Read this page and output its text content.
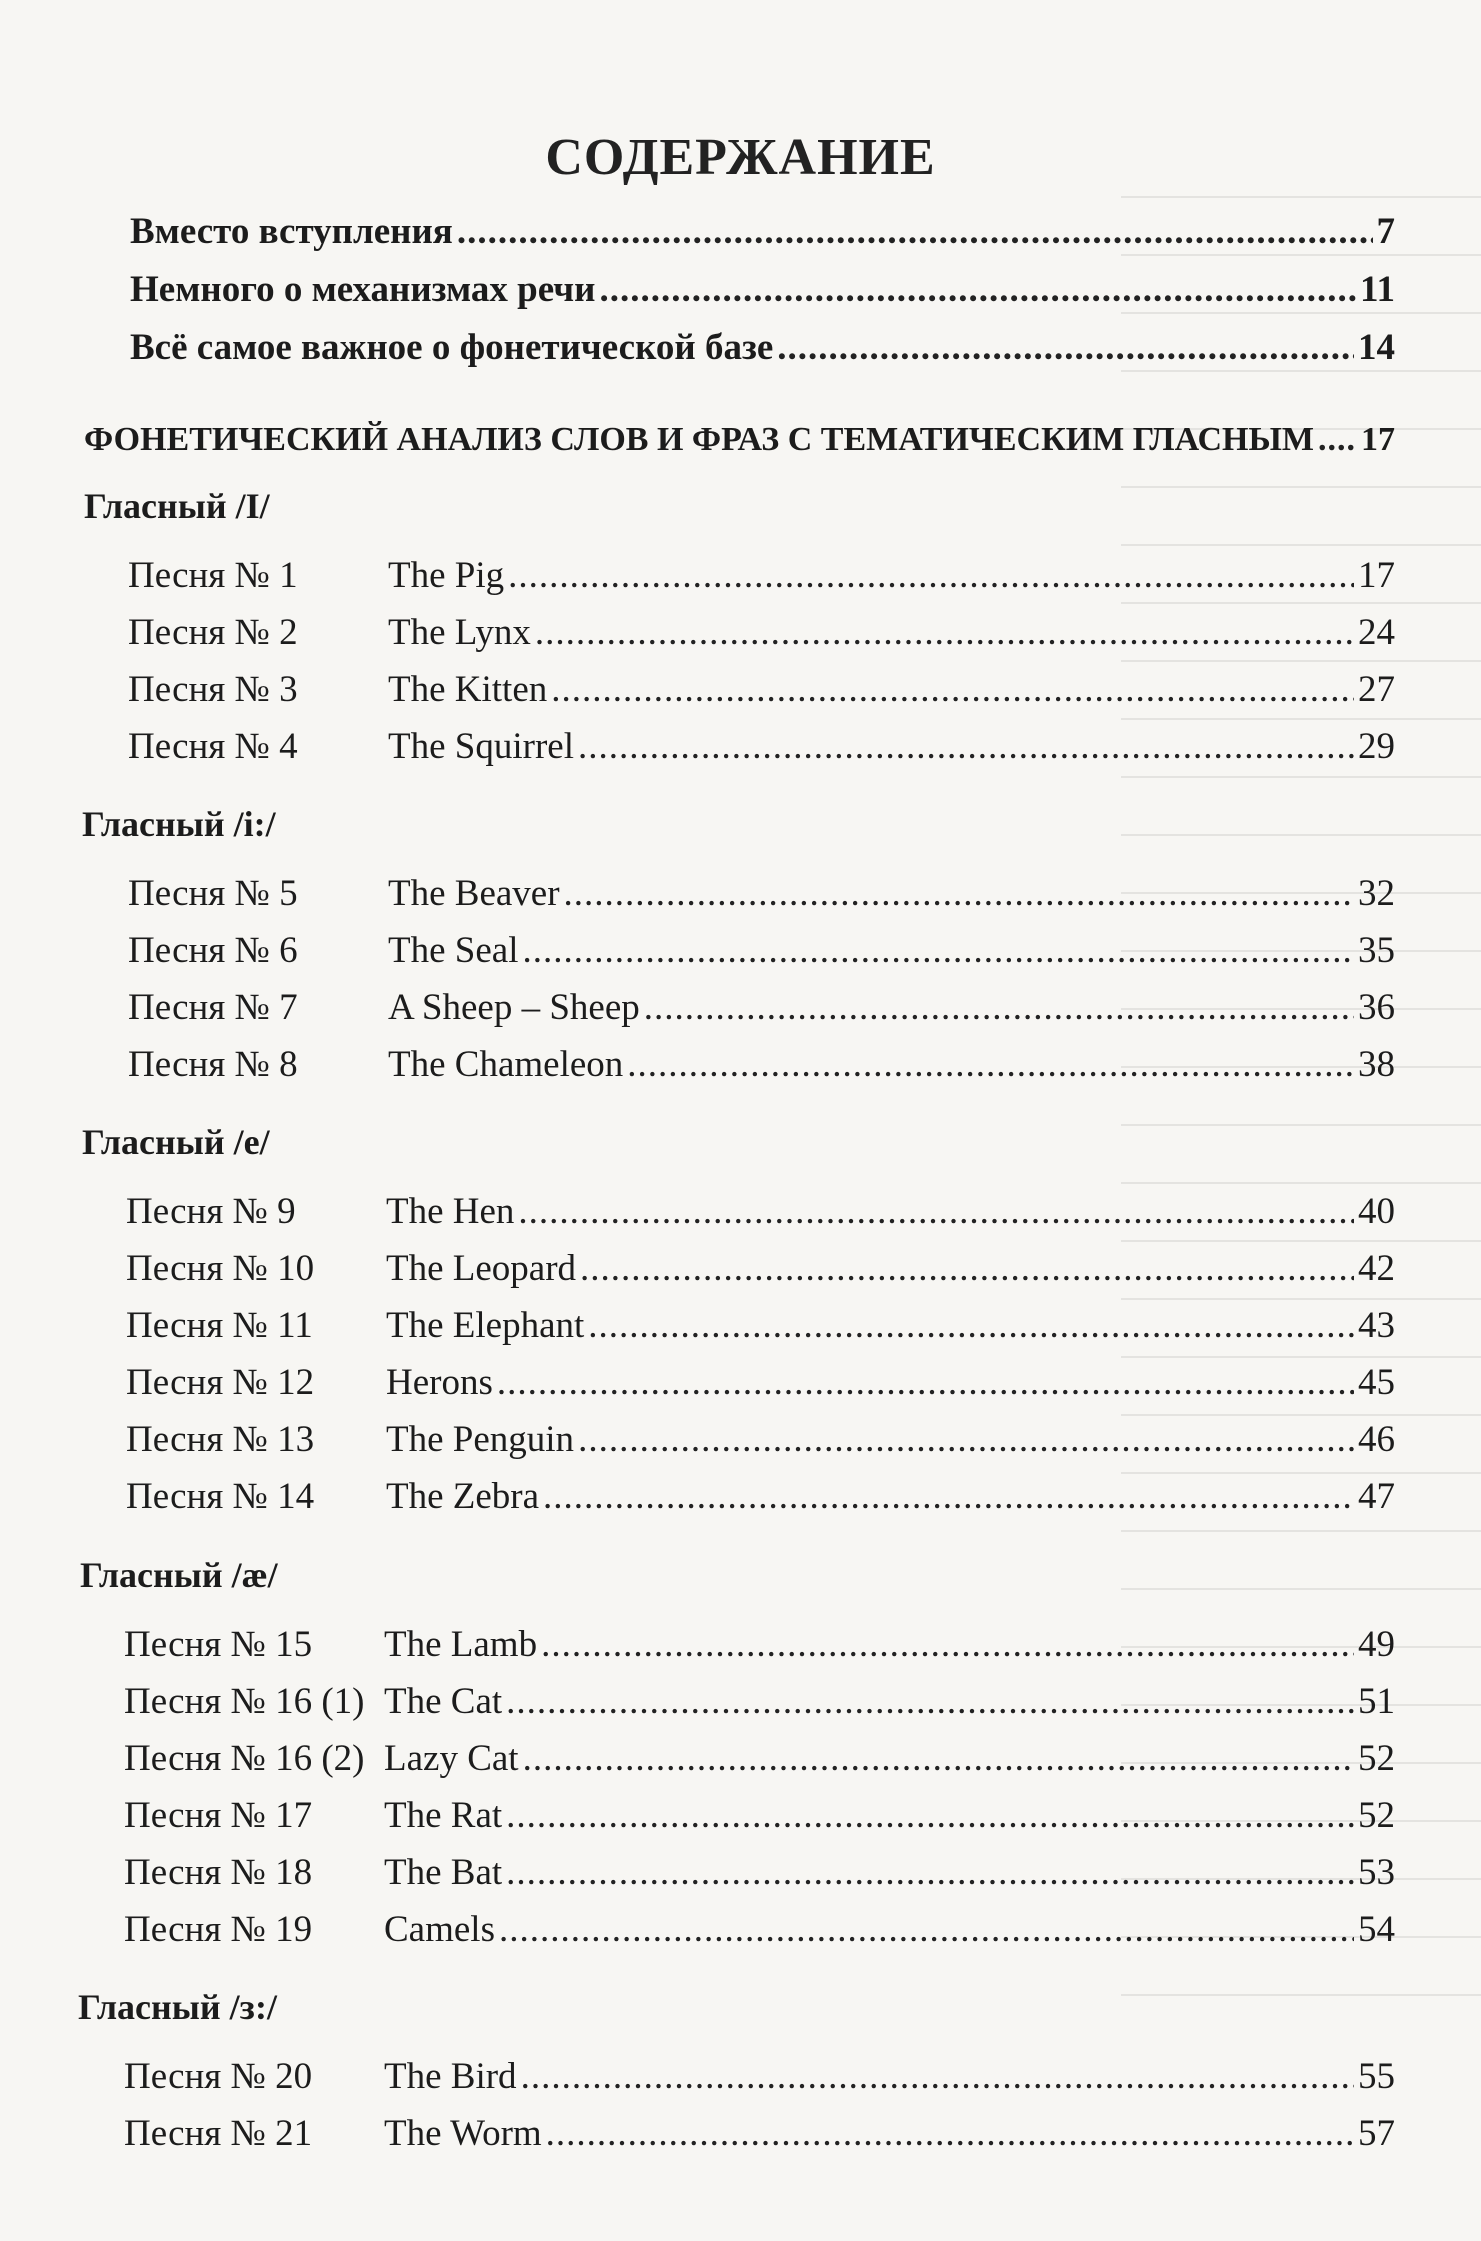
СОДЕРЖАНИЕ
Вместо вступления .....	7
Немного о механизмах речи .....	11
Всё самое важное о фонетической базе .....	14
ФОНЕТИЧЕСКИЙ АНАЛИЗ СЛОВ И ФРАЗ С ТЕМАТИЧЕСКИМ ГЛАСНЫМ ..... 17
Гласный /I/
Песня № 1	The Pig .....	17
Песня № 2	The Lynx .....	24
Песня № 3	The Kitten .....	27
Песня № 4	The Squirrel .....	29
Гласный /i:/
Песня № 5	The Beaver .....	32
Песня № 6	The Seal .....	35
Песня № 7	A Sheep – Sheep .....	36
Песня № 8	The Chameleon .....	38
Гласный /e/
Песня № 9	The Hen .....	40
Песня № 10	The Leopard .....	42
Песня № 11	The Elephant .....	43
Песня № 12	Herons .....	45
Песня № 13	The Penguin .....	46
Песня № 14	The Zebra .....	47
Гласный /æ/
Песня № 15	The Lamb .....	49
Песня № 16 (1) The Cat .....	51
Песня № 16 (2) Lazy Cat .....	52
Песня № 17	The Rat .....	52
Песня № 18	The Bat .....	53
Песня № 19	Camels .....	54
Гласный /ɜ:/
Песня № 20	The Bird .....	55
Песня № 21	The Worm .....	57
